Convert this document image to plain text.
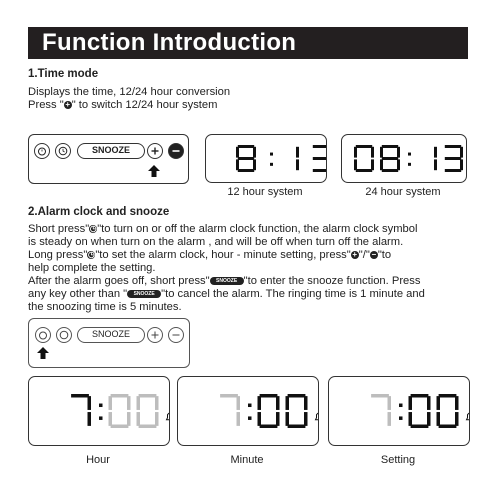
Function Introduction
1.Time mode
Displays the time, 12/24 hour conversion
Press " + " to switch 12/24 hour system
SNOOZE
12 hour system	24 hour system
2.Alarm clock and snooze
Short press"◷"to turn on or off the alarm clock function, the alarm clock symbol
is steady on when turn on the alarm , and will be off when turn off the alarm.
Long press"◷"to set the alarm clock, hour - minute setting, press" + "/" − "to
help complete the setting.
After the alarm goes off, short press" SNOOZE "to enter the snooze function. Press
any key other than " SNOOZE "to cancel the alarm. The ringing time is 1 minute and
the snoozing time is 5 minutes.
SNOOZE
Hour	Minute	Setting
